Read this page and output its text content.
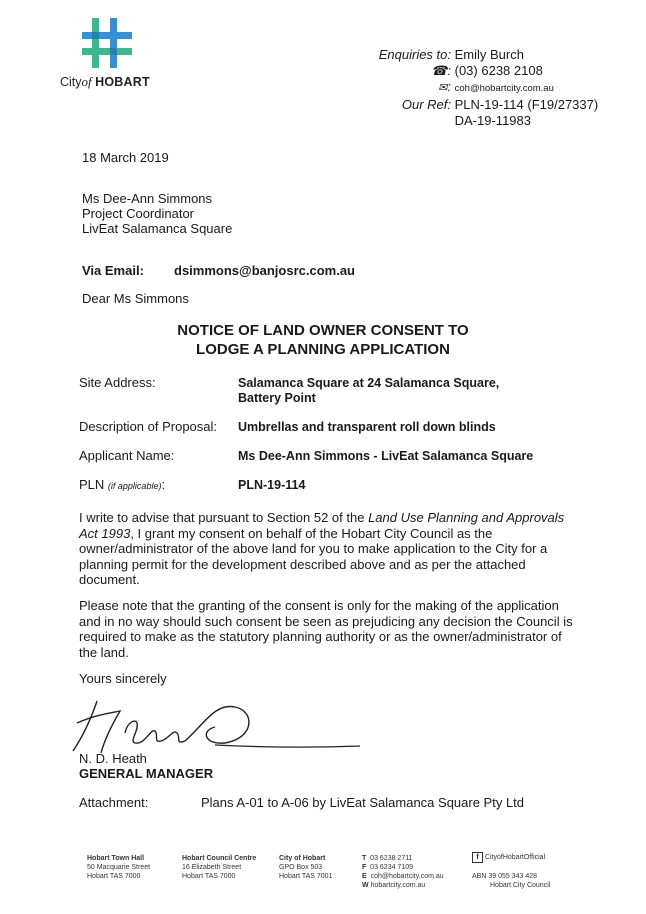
Cityof HOBART
Enquiries to: Emily Burch
☎: (03) 6238 2108
✉: coh@hobartcity.com.au
Our Ref: PLN-19-114 (F19/27337)
DA-19-11983
18 March 2019
Ms Dee-Ann Simmons
Project Coordinator
LivEat Salamanca Square
Via Email: dsimmons@banjosrc.com.au
Dear Ms Simmons
NOTICE OF LAND OWNER CONSENT TO
LODGE A PLANNING APPLICATION
Site Address:	Salamanca Square at 24 Salamanca Square,
Battery Point
Description of Proposal: Umbrellas and transparent roll down blinds
Applicant Name:	Ms Dee-Ann Simmons - LivEat Salamanca Square
PLN (if applicable):	PLN-19-114
I write to advise that pursuant to Section 52 of the Land Use Planning and Approvals Act 1993, I grant my consent on behalf of the Hobart City Council as the owner/administrator of the above land for you to make application to the City for a planning permit for the development described above and as per the attached document.
Please note that the granting of the consent is only for the making of the application and in no way should such consent be seen as prejudicing any decision the Council is required to make as the statutory planning authority or as the owner/administrator of the land.
Yours sincerely
N. D. Heath
GENERAL MANAGER
Attachment:	Plans A-01 to A-06 by LivEat Salamanca Square Pty Ltd
Hobart Town Hall
50 Macquarie Street
Hobart TAS 7000
Hobart Council Centre
16 Elizabeth Street
Hobart TAS 7000
City of Hobart
GPO Box 503
Hobart TAS 7001
T 03 6238 2711
F 03 6234 7109
E coh@hobartcity.com.au
W hobartcity.com.au
f CityofHobartOfficial
ABN 39 055 343 428
Hobart City Council
